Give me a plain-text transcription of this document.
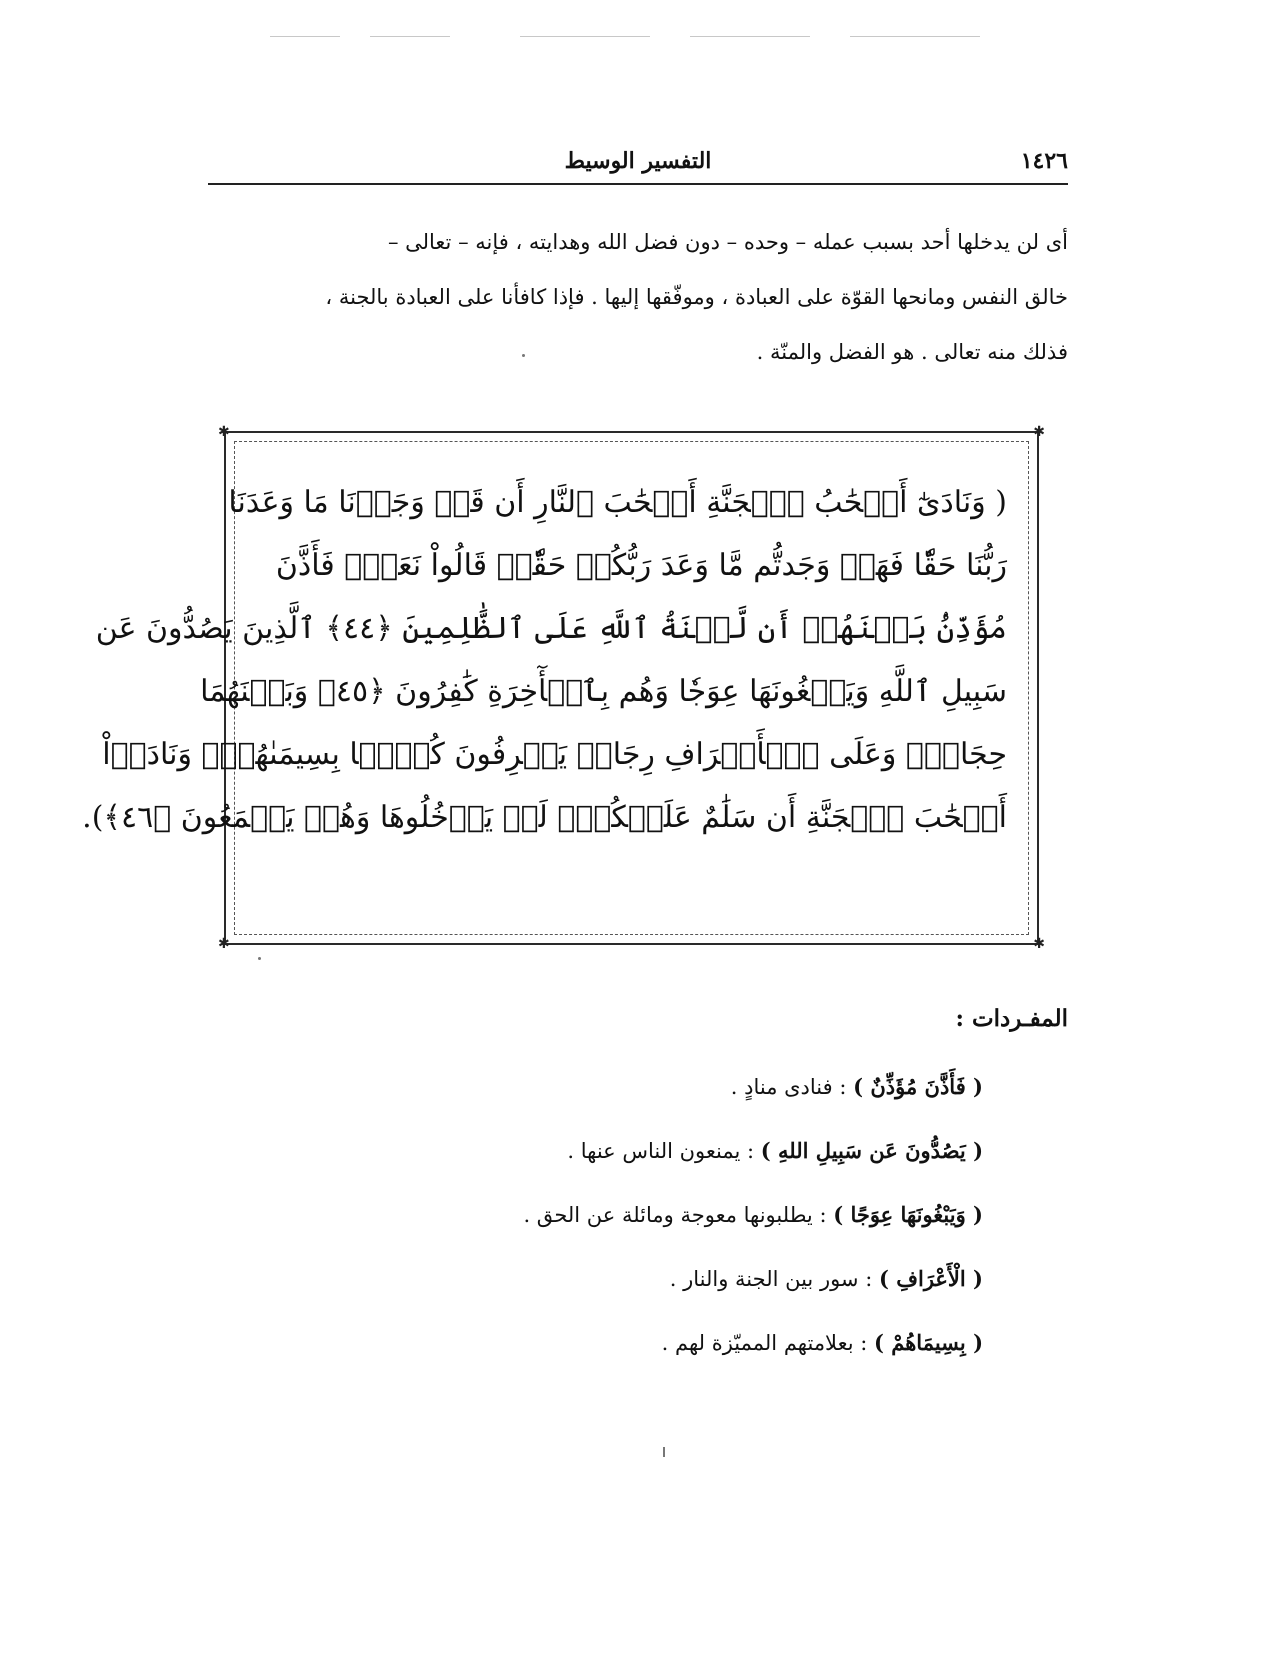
١٤٢٦
التفسير الوسيط
أى لن يدخلها أحد بسبب عمله – وحده – دون فضل الله وهدايته ، فإنه – تعالى –
خالق النفس ومانحها القوّة على العبادة ، وموفّقها إليها . فإذا كافأنا على العبادة بالجنة ،
فذلك منه تعالى . هو الفضل والمنّة .
✱	✱
✱	✱
( وَنَادَىٰٓ أَصۡحَٰبُ ٱلۡجَنَّةِ أَصۡحَٰبَ ٱلنَّارِ أَن قَدۡ وَجَدۡنَا مَا وَعَدَنَا
رَبُّنَا حَقّٗا فَهَلۡ وَجَدتُّم مَّا وَعَدَ رَبُّكُمۡ حَقّٗاۖ قَالُواْ نَعَمۡۚ فَأَذَّنَ
مُؤَذِّنُۢ بَيۡنَهُمۡ أَن لَّعۡنَةُ ٱللَّهِ عَلَى ٱلظَّٰلِمِينَ ﴿٤٤﴾ ٱلَّذِينَ يَصُدُّونَ عَن
سَبِيلِ ٱللَّهِ وَيَبۡغُونَهَا عِوَجٗا وَهُم بِٱلۡأٓخِرَةِ كَٰفِرُونَ ﴿٤٥﴾ وَبَيۡنَهُمَا
حِجَابٞۚ وَعَلَى ٱلۡأَعۡرَافِ رِجَالٞ يَعۡرِفُونَ كُلَّۢا بِسِيمَىٰهُمۡۚ وَنَادَوۡاْ
أَصۡحَٰبَ ٱلۡجَنَّةِ أَن سَلَٰمٌ عَلَيۡكُمۡۚ لَمۡ يَدۡخُلُوهَا وَهُمۡ يَطۡمَعُونَ ﴿٤٦﴾).
المفـردات :
( فَأَذَّنَ مُؤَذِّنٌ ) : فنادى منادٍ .
( يَصُدُّونَ عَن سَبِيلِ اللهِ ) : يمنعون الناس عنها .
( وَيَبْغُونَهَا عِوَجًا ) : يطلبونها معوجة ومائلة عن الحق .
( الْأَعْرَافِ ) : سور بين الجنة والنار .
( بِسِيمَاهُمْ ) : بعلامتهم المميّزة لهم .
